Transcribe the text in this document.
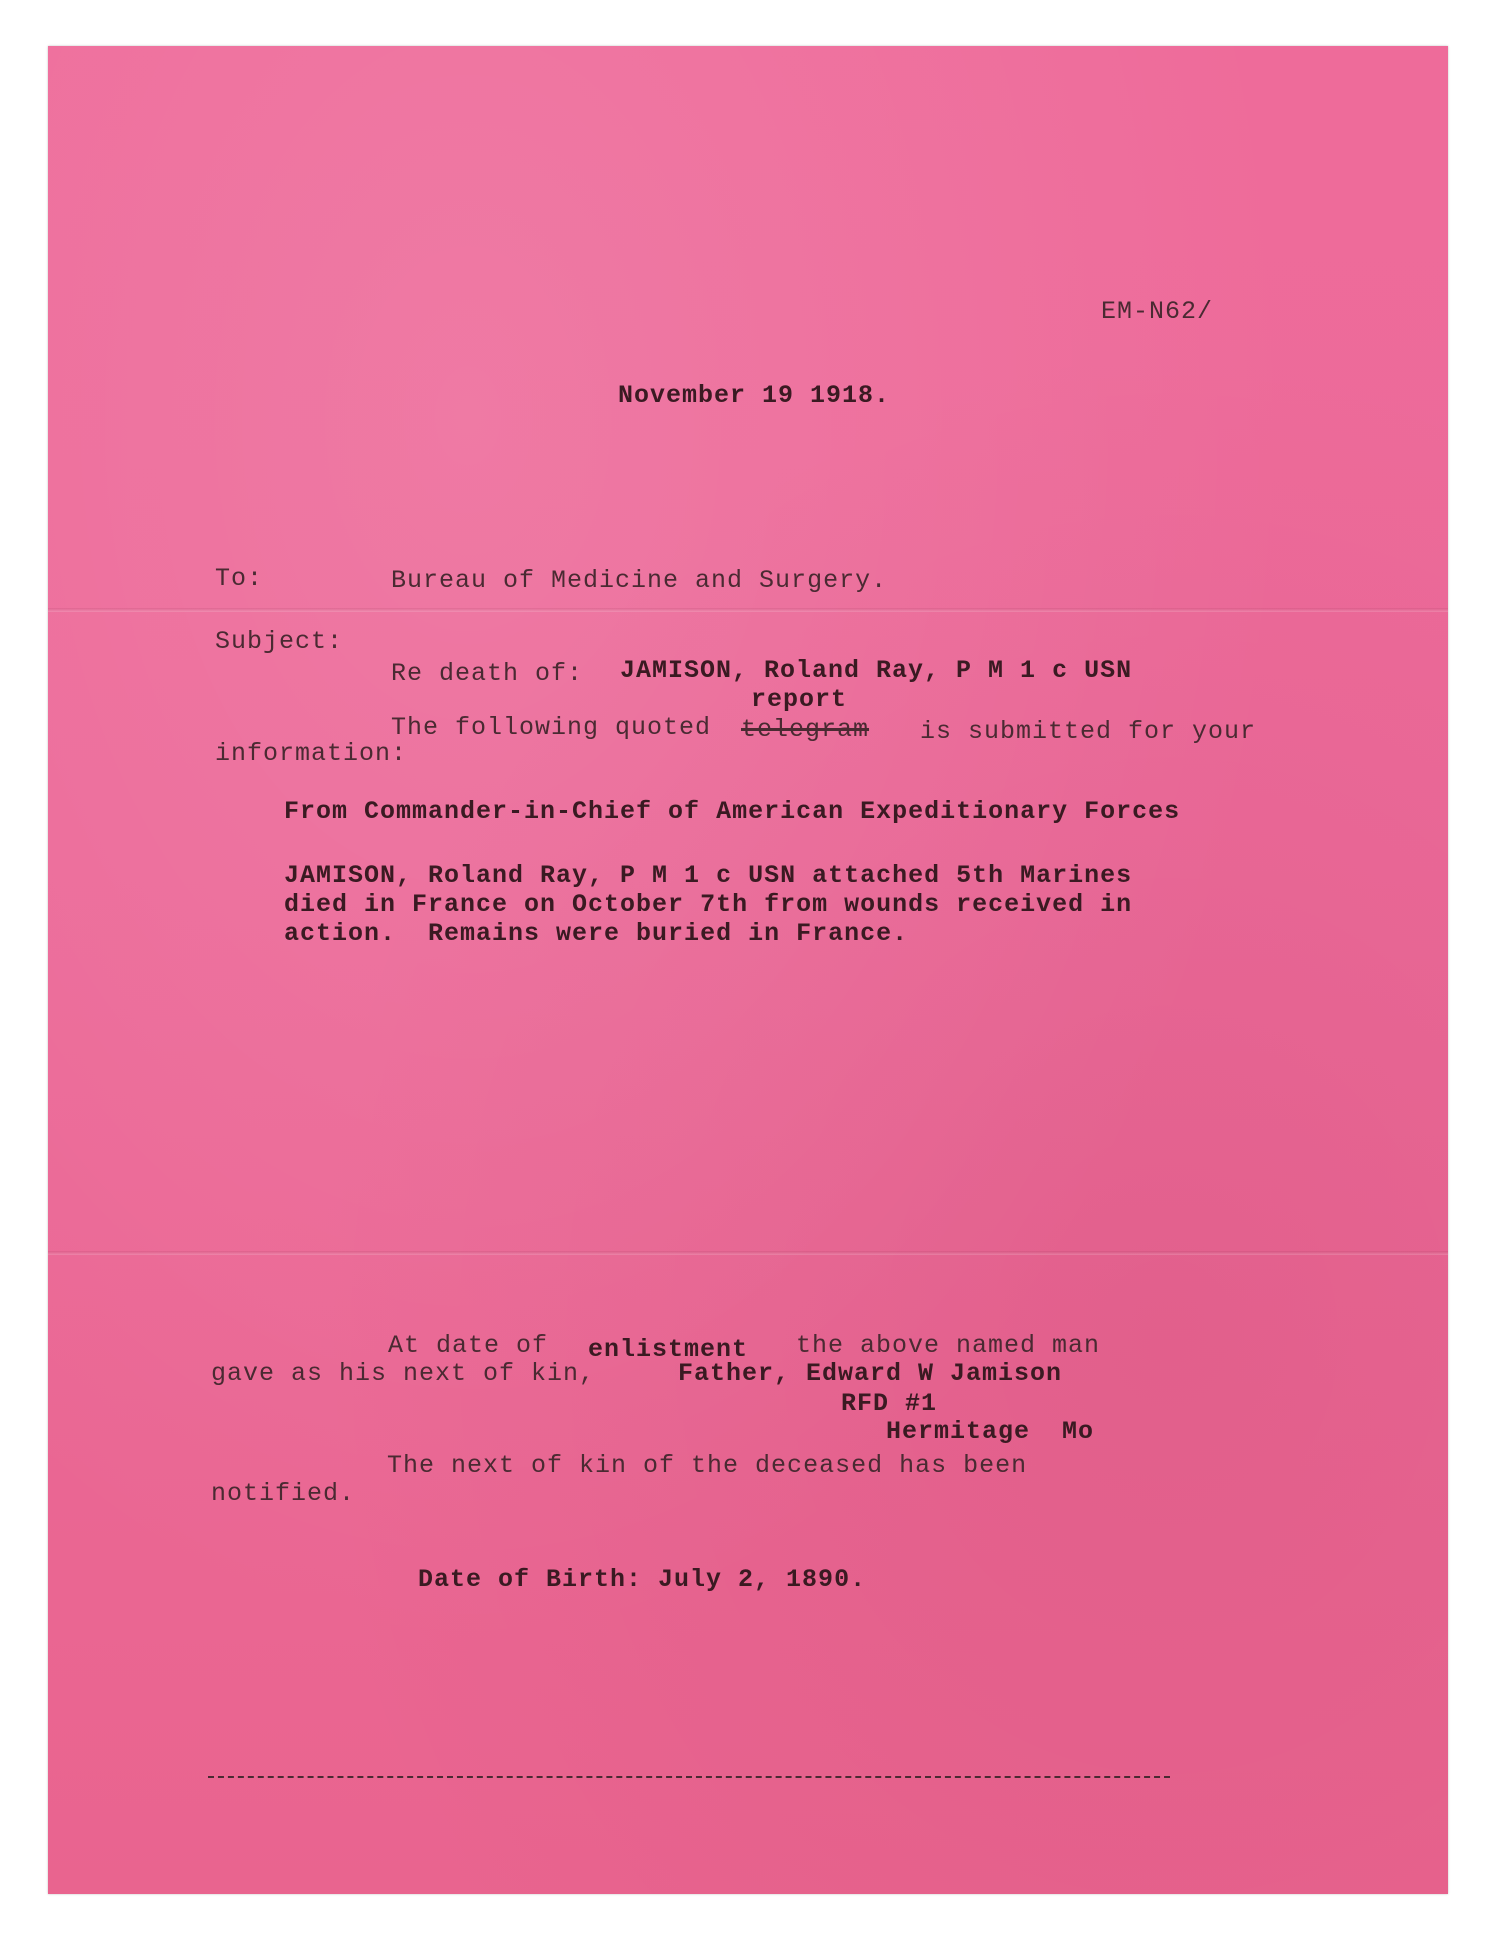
EM-N62/
November 19 1918.
To:	Bureau of Medicine and Surgery.
Subject:
Re death of: JAMISON, Roland Ray, P M 1 c USN
report
The following quoted telegram is submitted for your
information:
From Commander-in-Chief of American Expeditionary Forces
JAMISON, Roland Ray, P M 1 c USN attached 5th Marines
died in France on October 7th from wounds received in
action.  Remains were buried in France.
At date of enlistment the above named man
gave as his next of kin,	Father, Edward W Jamison
RFD #1
Hermitage  Mo
The next of kin of the deceased has been
notified.
Date of Birth: July 2, 1890.
